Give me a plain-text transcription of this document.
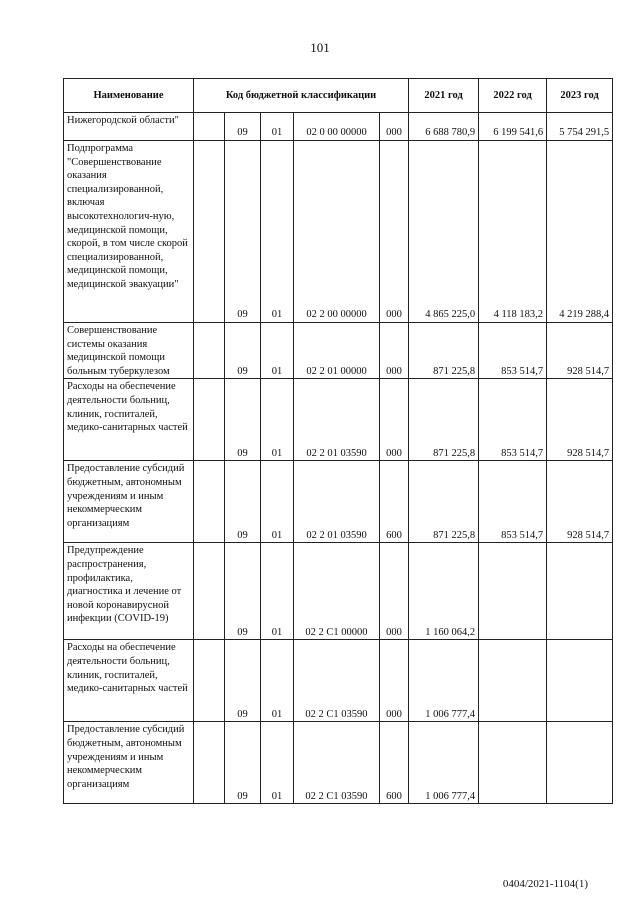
101
Наименование	Код бюджетной классификации					2021 год	2022 год	2023 год
Нижегородской области"		09	01	02 0 00 00000	000	6 688 780,9	6 199 541,6	5 754 291,5
Подпрограмма "Совершенствование оказания специализированной, включая высокотехнологич-ную, медицинской помощи, скорой, в том числе скорой специализированной, медицинской помощи, медицинской эвакуации"		09	01	02 2 00 00000	000	4 865 225,0	4 118 183,2	4 219 288,4
Совершенствование системы оказания медицинской помощи больным туберкулезом		09	01	02 2 01 00000	000	871 225,8	853 514,7	928 514,7
Расходы на обеспечение деятельности больниц, клиник, госпиталей, медико-санитарных частей		09	01	02 2 01 03590	000	871 225,8	853 514,7	928 514,7
Предоставление субсидий бюджетным, автономным учреждениям и иным некоммерческим организациям		09	01	02 2 01 03590	600	871 225,8	853 514,7	928 514,7
Предупреждение распространения, профилактика, диагностика и лечение от новой коронавирусной инфекции (COVID-19)		09	01	02 2 C1 00000	000	1 160 064,2		
Расходы на обеспечение деятельности больниц, клиник, госпиталей, медико-санитарных частей		09	01	02 2 C1 03590	000	1 006 777,4		
Предоставление субсидий бюджетным, автономным учреждениям и иным некоммерческим организациям		09	01	02 2 C1 03590	600	1 006 777,4		
0404/2021-1104(1)
